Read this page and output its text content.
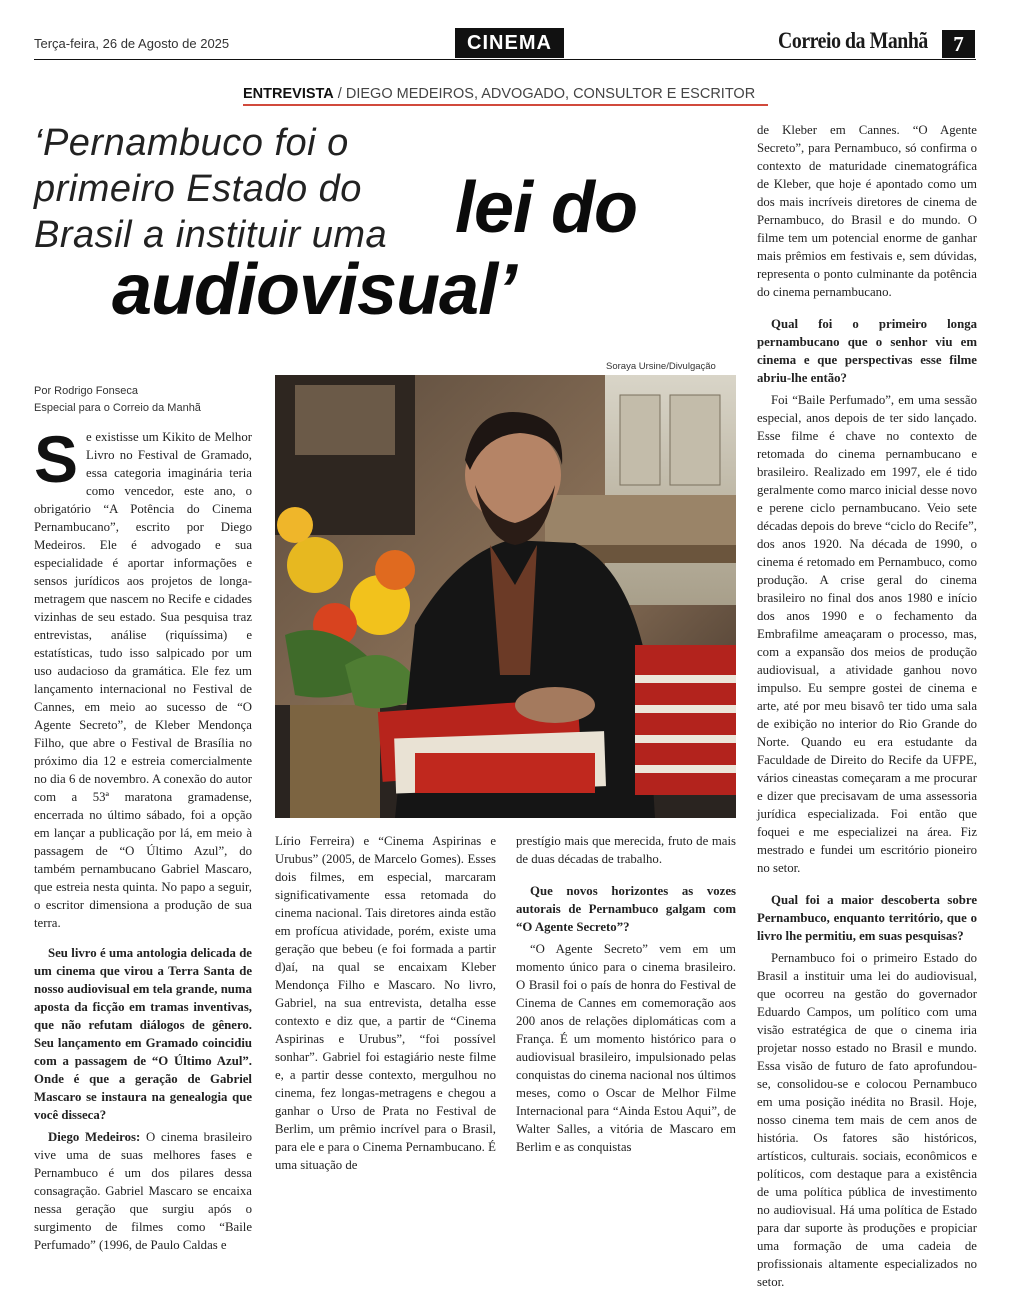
Terça-feira, 26 de Agosto de 2025	CINEMA	Correio da Manhã	7
ENTREVISTA / DIEGO MEDEIROS, ADVOGADO, CONSULTOR E ESCRITOR
‘Pernambuco foi o
primeiro Estado do
Brasil a instituir uma lei do
audiovisual’
Por Rodrigo Fonseca
Especial para o Correio da Manhã
Soraya Ursine/Divulgação

Se existisse um Kikito de Melhor Livro no Festival de Gramado, essa categoria imaginária teria como vencedor, este ano, o obrigatório “A Potência do Cinema Pernambucano”, escrito por Diego Medeiros. Ele é advogado e sua especialidade é aportar informações e sensos jurídicos aos projetos de longa-metragem que nascem no Recife e cidades vizinhas de seu estado. Sua pesquisa traz entrevistas, análise (riquíssima) e estatísticas, tudo isso salpicado por um uso audacioso da gramática. Ele fez um lançamento internacional no Festival de Cannes, em meio ao sucesso de “O Agente Secreto”, de Kleber Mendonça Filho, que abre o Festival de Brasília no próximo dia 12 e estreia comercialmente no dia 6 de novembro. A conexão do autor com a 53ª maratona gramadense, encerrada no último sábado, foi a opção em lançar a publicação por lá, em meio à passagem de “O Último Azul”, do também pernambucano Gabriel Mascaro, que estreia nesta quinta. No papo a seguir, o escritor dimensiona a produção de sua terra.

Seu livro é uma antologia delicada de um cinema que virou a Terra Santa de nosso audiovisual em tela grande, numa aposta da ficção em tramas inventivas, que não refutam diálogos de gênero. Seu lançamento em Gramado coincidiu com a passagem de “O Último Azul”. Onde é que a geração de Gabriel Mascaro se instaura na genealogia que você disseca?

Diego Medeiros: O cinema brasileiro vive uma de suas melhores fases e Pernambuco é um dos pilares dessa consagração. Gabriel Mascaro se encaixa nessa geração que surgiu após o surgimento de filmes como “Baile Perfumado” (1996, de Paulo Caldas e

Lírio Ferreira) e “Cinema Aspirinas e Urubus” (2005, de Marcelo Gomes). Esses dois filmes, em especial, marcaram significativamente essa retomada do cinema nacional. Tais diretores ainda estão em profícua atividade, porém, existe uma geração que bebeu (e foi formada a partir d)aí, na qual se encaixam Kleber Mendonça Filho e Mascaro. No livro, Gabriel, na sua entrevista, detalha esse contexto e diz que, a partir de “Cinema Aspirinas e Urubus”, “foi possível sonhar”. Gabriel foi estagiário neste filme e, a partir desse contexto, mergulhou no cinema, fez longas-metragens e chegou a ganhar o Urso de Prata no Festival de Berlim, um prêmio incrível para o Brasil, para ele e para o Cinema Pernambucano. É uma situação de

prestígio mais que merecida, fruto de mais de duas décadas de trabalho.

Que novos horizontes as vozes autorais de Pernambuco galgam com “O Agente Secreto”?

“O Agente Secreto” vem em um momento único para o cinema brasileiro. O Brasil foi o país de honra do Festival de Cinema de Cannes em comemoração aos 200 anos de relações diplomáticas com a França. É um momento histórico para o audiovisual brasileiro, impulsionado pelas conquistas do cinema nacional nos últimos meses, como o Oscar de Melhor Filme Internacional para “Ainda Estou Aqui”, de Walter Salles, a vitória de Mascaro em Berlim e as conquistas

de Kleber em Cannes. “O Agente Secreto”, para Pernambuco, só confirma o contexto de maturidade cinematográfica de Kleber, que hoje é apontado como um dos mais incríveis diretores de cinema de Pernambuco, do Brasil e do mundo. O filme tem um potencial enorme de ganhar mais prêmios em festivais e, sem dúvidas, representa o ponto culminante da potência do cinema pernambucano.

Qual foi o primeiro longa pernambucano que o senhor viu em cinema e que perspectivas esse filme abriu-lhe então?

Foi “Baile Perfumado”, em uma sessão especial, anos depois de ter sido lançado. Esse filme é chave no contexto de retomada do cinema pernambucano e brasileiro. Realizado em 1997, ele é tido geralmente como marco inicial desse novo e perene ciclo pernambucano. Veio sete décadas depois do breve “ciclo do Recife”, dos anos 1920. Na década de 1990, o cinema é retomado em Pernambuco, como produção. A crise geral do cinema brasileiro no final dos anos 1980 e início dos anos 1990 e o fechamento da Embrafilme ameaçaram o processo, mas, com a expansão dos meios de produção audiovisual, a atividade ganhou novo impulso. Eu sempre gostei de cinema e arte, até por meu bisavô ter tido uma sala de exibição no interior do Rio Grande do Norte. Quando eu era estudante da Faculdade de Direito do Recife da UFPE, vários cineastas começaram a me procurar e dizer que precisavam de uma assessoria jurídica especializada. Foi então que foquei e me especializei na área. Fiz mestrado e fundei um escritório pioneiro no setor.

Qual foi a maior descoberta sobre Pernambuco, enquanto território, que o livro lhe permitiu, em suas pesquisas?

Pernambuco foi o primeiro Estado do Brasil a instituir uma lei do audiovisual, que ocorreu na gestão do governador Eduardo Campos, um político com uma visão estratégica de que o cinema iria projetar nosso estado no Brasil e mundo. Essa visão de futuro de fato aprofundou-se, consolidou-se e colocou Pernambuco em uma posição inédita no Brasil. Hoje, nosso cinema tem mais de cem anos de história. Os fatores são históricos, artísticos, culturais. sociais, econômicos e políticos, com destaque para a existência de uma política pública de investimento no audiovisual. Há uma política de Estado para dar suporte às produções e propiciar uma formação de uma cadeia de profissionais altamente especializados no setor.
